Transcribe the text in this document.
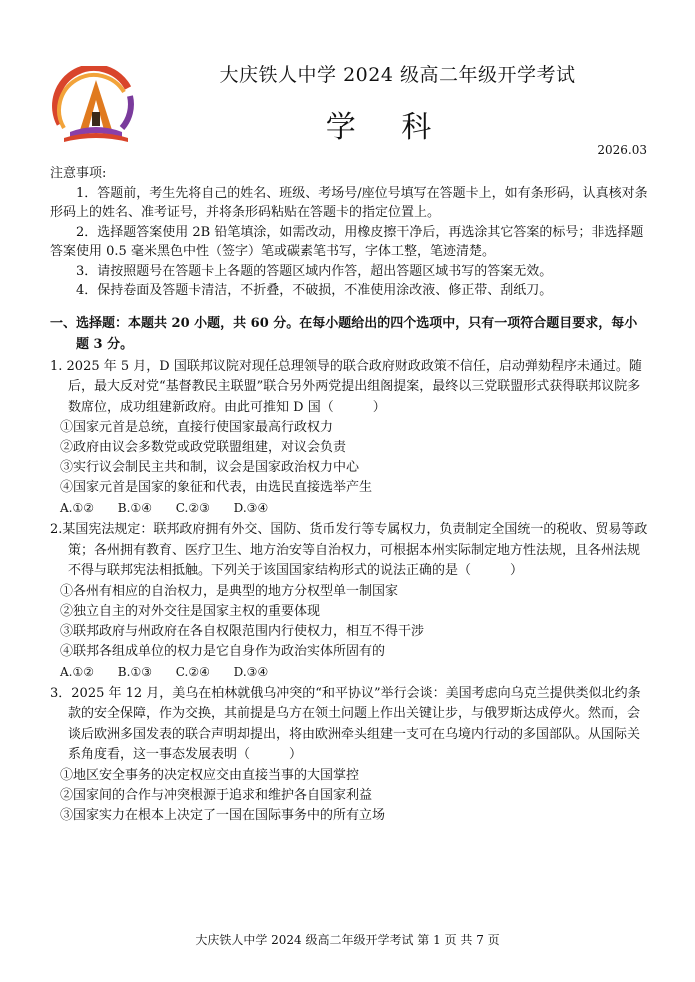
大庆铁人中学 2024 级高二年级开学考试
学 科
2026.03

注意事项:

1．答题前，考生先将自己的姓名、班级、考场号/座位号填写在答题卡上，如有条形码，认真核对条形码上的姓名、准考证号，并将条形码粘贴在答题卡的指定位置上。

2．选择题答案使用 2B 铅笔填涂，如需改动，用橡皮擦干净后，再选涂其它答案的标号；非选择题答案使用 0.5 毫米黑色中性（签字）笔或碳素笔书写，字体工整，笔迹清楚。

3．请按照题号在答题卡上各题的答题区域内作答，超出答题区域书写的答案无效。

4．保持卷面及答题卡清洁，不折叠，不破损，不准使用涂改液、修正带、刮纸刀。

一、选择题：本题共 20 小题，共 60 分。在每小题给出的四个选项中，只有一项符合题目要求，每小题 3 分。

1. 2025 年 5 月，D 国联邦议院对现任总理领导的联合政府财政政策不信任，启动弹劾程序未通过。随后，最大反对党“基督教民主联盟”联合另外两党提出组阁提案，最终以三党联盟形式获得联邦议院多数席位，成功组建新政府。由此可推知 D 国（　　　）

①国家元首是总统，直接行使国家最高行政权力

②政府由议会多数党或政党联盟组建，对议会负责

③实行议会制民主共和制，议会是国家政治权力中心

④国家元首是国家的象征和代表，由选民直接选举产生

A.①② B.①④ C.②③ D.③④

2.某国宪法规定：联邦政府拥有外交、国防、货币发行等专属权力，负责制定全国统一的税收、贸易等政策；各州拥有教育、医疗卫生、地方治安等自治权力，可根据本州实际制定地方性法规，且各州法规不得与联邦宪法相抵触。下列关于该国国家结构形式的说法正确的是（　　　）

①各州有相应的自治权力，是典型的地方分权型单一制国家

②独立自主的对外交往是国家主权的重要体现

③联邦政府与州政府在各自权限范围内行使权力，相互不得干涉

④联邦各组成单位的权力是它自身作为政治实体所固有的

A.①② B.①③ C.②④ D.③④

3．2025 年 12 月，美乌在柏林就俄乌冲突的“和平协议”举行会谈：美国考虑向乌克兰提供类似北约条款的安全保障，作为交换，其前提是乌方在领土问题上作出关键让步，与俄罗斯达成停火。然而，会谈后欧洲多国发表的联合声明却提出，将由欧洲牵头组建一支可在乌境内行动的多国部队。从国际关系角度看，这一事态发展表明（　　　）

①地区安全事务的决定权应交由直接当事的大国掌控

②国家间的合作与冲突根源于追求和维护各自国家利益

③国家实力在根本上决定了一国在国际事务中的所有立场

大庆铁人中学 2024 级高二年级开学考试 第 1 页 共 7 页
